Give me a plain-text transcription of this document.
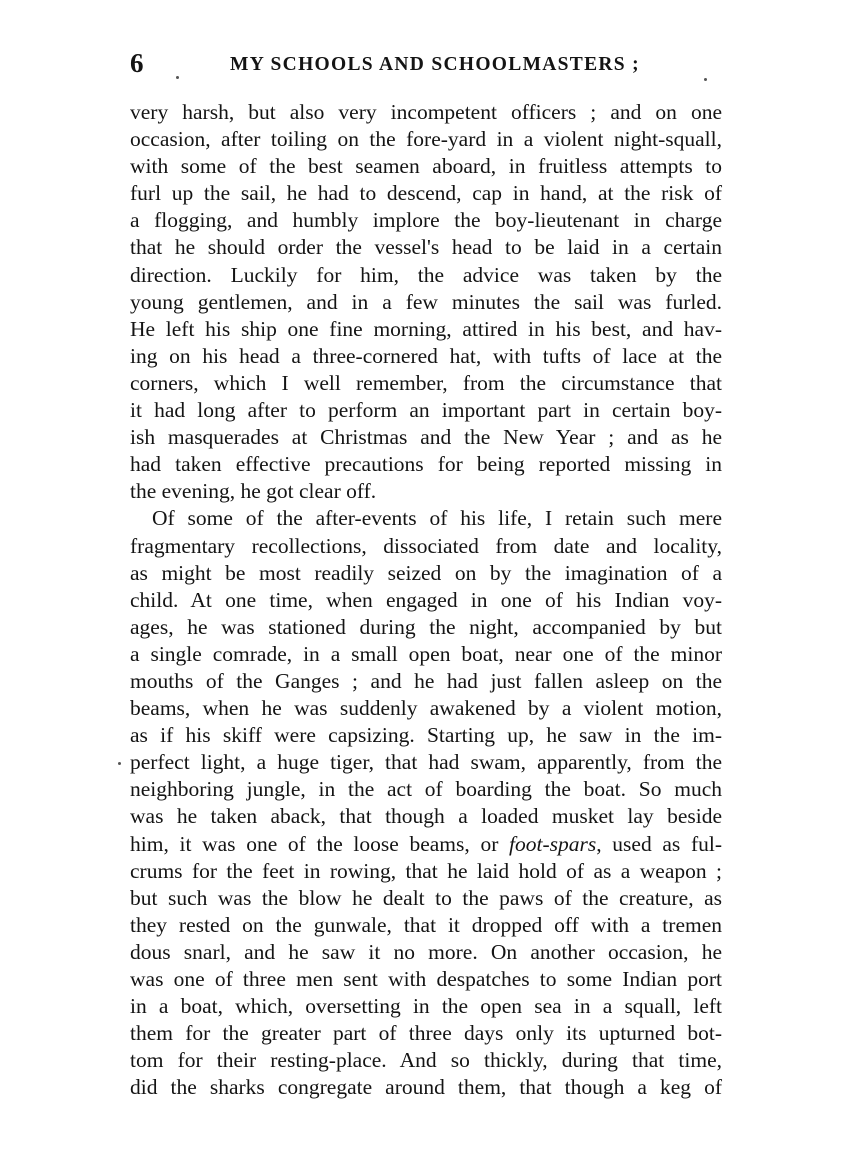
6	MY SCHOOLS AND SCHOOLMASTERS ;
very harsh, but also very incompetent officers ; and on one
occasion, after toiling on the fore-yard in a violent night-squall,
with some of the best seamen aboard, in fruitless attempts to
furl up the sail, he had to descend, cap in hand, at the risk of
a flogging, and humbly implore the boy-lieutenant in charge
that he should order the vessel's head to be laid in a certain
direction. Luckily for him, the advice was taken by the
young gentlemen, and in a few minutes the sail was furled.
He left his ship one fine morning, attired in his best, and hav-
ing on his head a three-cornered hat, with tufts of lace at the
corners, which I well remember, from the circumstance that
it had long after to perform an important part in certain boy-
ish masquerades at Christmas and the New Year ; and as he
had taken effective precautions for being reported missing in
the evening, he got clear off.
Of some of the after-events of his life, I retain such mere
fragmentary recollections, dissociated from date and locality,
as might be most readily seized on by the imagination of a
child. At one time, when engaged in one of his Indian voy-
ages, he was stationed during the night, accompanied by but
a single comrade, in a small open boat, near one of the minor
mouths of the Ganges ; and he had just fallen asleep on the
beams, when he was suddenly awakened by a violent motion,
as if his skiff were capsizing. Starting up, he saw in the im-
perfect light, a huge tiger, that had swam, apparently, from the
neighboring jungle, in the act of boarding the boat. So much
was he taken aback, that though a loaded musket lay beside
him, it was one of the loose beams, or foot-spars, used as ful-
crums for the feet in rowing, that he laid hold of as a weapon ;
but such was the blow he dealt to the paws of the creature, as
they rested on the gunwale, that it dropped off with a tremen
dous snarl, and he saw it no more. On another occasion, he
was one of three men sent with despatches to some Indian port
in a boat, which, oversetting in the open sea in a squall, left
them for the greater part of three days only its upturned bot-
tom for their resting-place. And so thickly, during that time,
did the sharks congregate around them, that though a keg of
